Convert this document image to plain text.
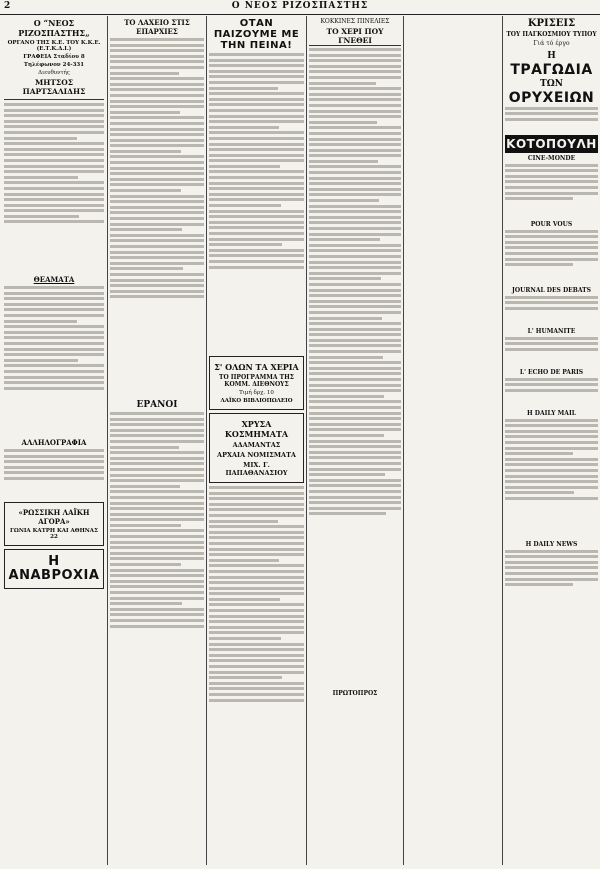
2	Ο ΝΕΟΣ ΡΙΖΟΣΠΑΣΤΗΣ
Ο “ΝΕΟΣ ΡΙΖΟΣΠΑΣΤΗΣ„
ΟΡΓΑΝΟ ΤΗΣ Κ.Ε. ΤΟΥ Κ.Κ.Ε. (Ε.Τ.Κ.Δ.Ι.)
ΓΡΑΦΕΙΑ Σταδίου 8
Τηλέφωνον 24-331
Διευθυντής
ΜΗΤΣΟΣ ΠΑΡΤΣΑΛΙΔΗΣ
ΘΕΑΜΑΤΑ
ΑΛΛΗΛΟΓΡΑΦΙΑ
«ΡΩΣΣΙΚΗ ΛΑΪΚΗ ΑΓΟΡΑ»
ΓΩΝΙΑ ΚΑΤΡΗ ΚΑΙ ΑΘΗΝΑΣ 22
Η ΑΝΑΒΡΟΧΙΑ
ΤΟ ΛΑΧΕΙΟ ΣΤΙΣ ΕΠΑΡΧΙΕΣ
ΕΡΑΝΟΙ
ΟΤΑΝ ΠΑΙΖΟΥΜΕ ΜΕ ΤΗΝ ΠΕΙΝΑ!
Σ' ΟΛΩΝ ΤΑ ΧΕΡΙΑ
ΤΟ ΠΡΟΓΡΑΜΜΑ ΤΗΣ ΚΟΜΜ. ΔΙΕΘΝΟΥΣ
Τιμή δρχ. 10
ΛΑΪΚΟ ΒΙΒΛΙΟΠΩΛΕΙΟ
ΧΡΥΣΑ ΚΟΣΜΗΜΑΤΑ
ΑΔΑΜΑΝΤΑΣ
ΑΡΧΑΙΑ ΝΟΜΙΣΜΑΤΑ
ΜΙΧ. Γ. ΠΑΠΑΘΑΝΑΣΙΟΥ
ΚΟΚΚΙΝΕΣ ΠΙΝΕΛΙΕΣ
ΤΟ ΧΕΡΙ ΠΟΥ ΓΝΕΘΕΙ
ΠΡΩΤΟΠΡΟΣ
ΚΡΙΣΕΙΣ
ΤΟΥ ΠΑΓΚΟΣΜΙΟΥ ΤΥΠΟΥ
Γιά τό έργο
Η
ΤΡΑΓΩΔΙΑ
ΤΩΝ
ΟΡΥΧΕΙΩΝ
ΚΟΤΟΠΟΥΛΗ
CINE-MONDE
POUR VOUS
JOURNAL DES DEBATS
L' HUMANITE
L' ECHO DE PARIS
H DAILY MAIL
H DAILY NEWS
